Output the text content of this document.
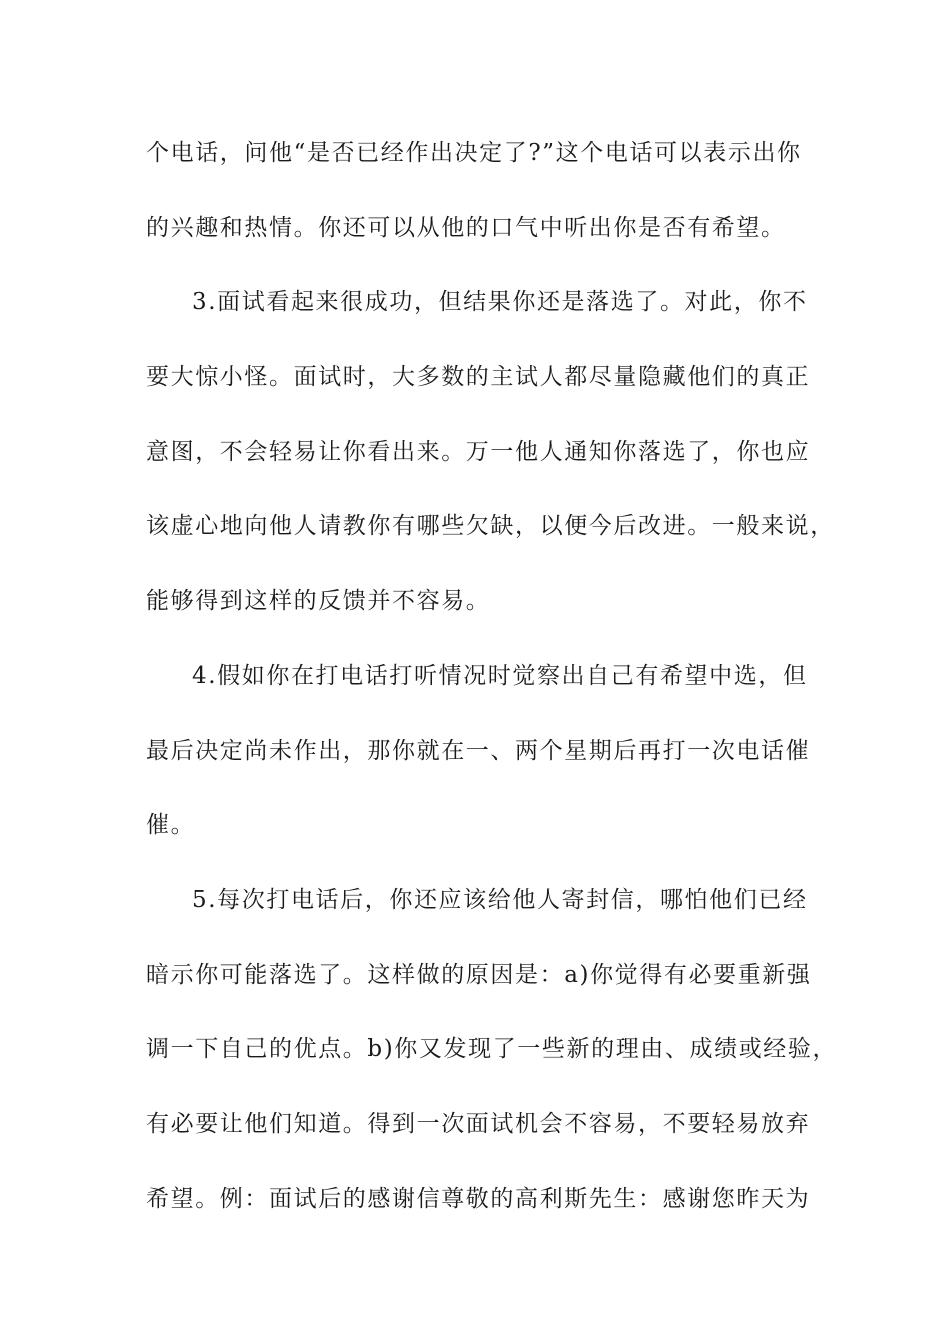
个电话，问他“是否已经作出决定了?”这个电话可以表示出你
的兴趣和热情。你还可以从他的口气中听出你是否有希望。
3.面试看起来很成功，但结果你还是落选了。对此，你不
要大惊小怪。面试时，大多数的主试人都尽量隐藏他们的真正
意图，不会轻易让你看出来。万一他人通知你落选了，你也应
该虚心地向他人请教你有哪些欠缺，以便今后改进。一般来说，
能够得到这样的反馈并不容易。
4.假如你在打电话打听情况时觉察出自己有希望中选，但
最后决定尚未作出，那你就在一、两个星期后再打一次电话催
催。
5.每次打电话后，你还应该给他人寄封信，哪怕他们已经
暗示你可能落选了。这样做的原因是：a)你觉得有必要重新强
调一下自己的优点。b)你又发现了一些新的理由、成绩或经验，
有必要让他们知道。得到一次面试机会不容易，不要轻易放弃
希望。例：面试后的感谢信尊敬的高利斯先生：感谢您昨天为
